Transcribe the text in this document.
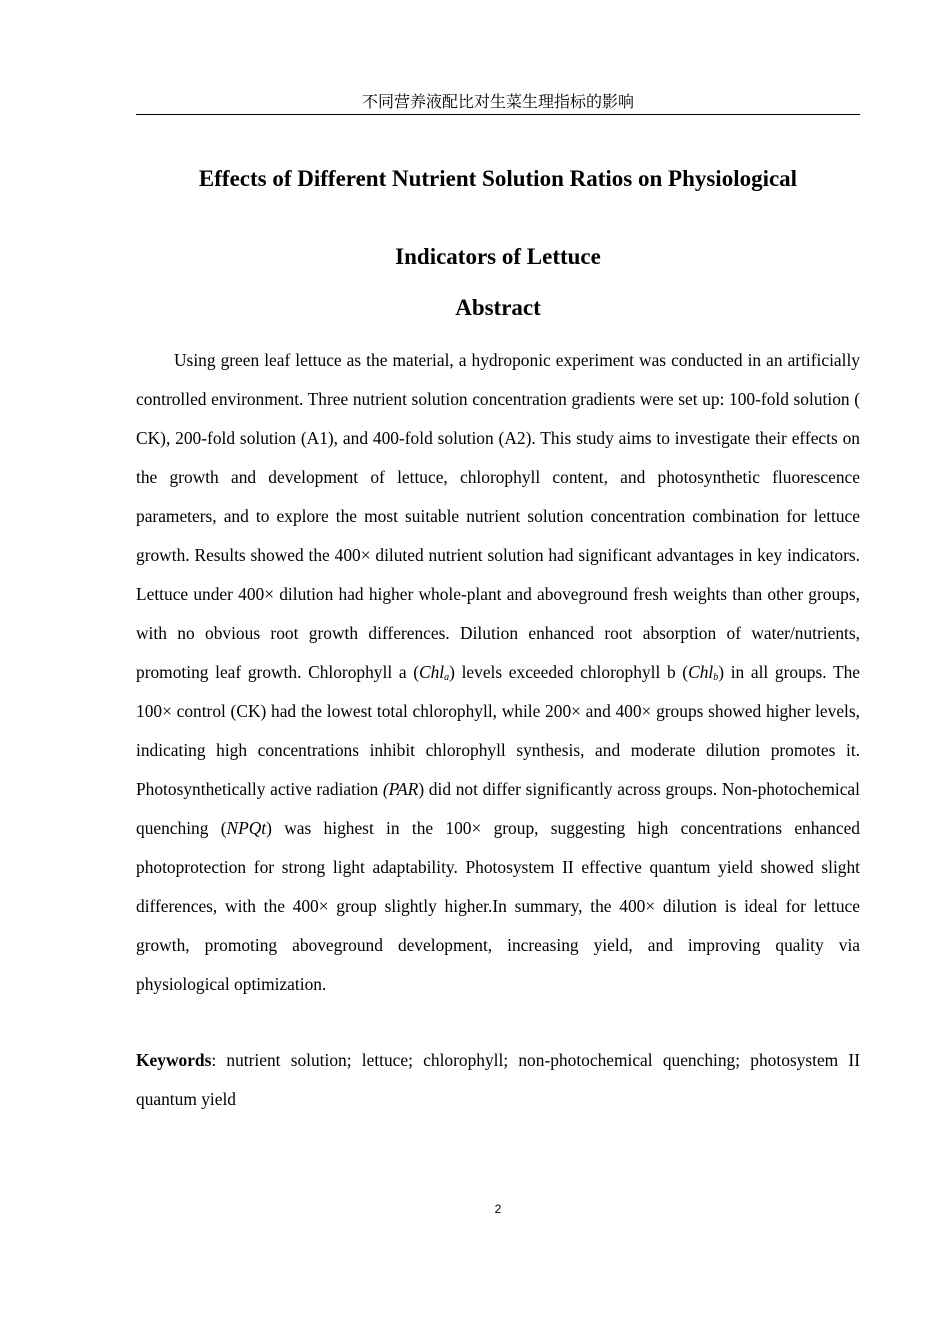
不同营养液配比对生菜生理指标的影响
Effects of Different Nutrient Solution Ratios on Physiological
Indicators of Lettuce
Abstract

Using green leaf lettuce as the material, a hydroponic experiment was conducted in an artificially controlled environment. Three nutrient solution concentration gradients were set up: 100-fold solution ( CK), 200-fold solution (A1), and 400-fold solution (A2). This study aims to investigate their effects on the growth and development of lettuce, chlorophyll content, and photosynthetic fluorescence parameters, and to explore the most suitable nutrient solution concentration combination for lettuce growth. Results showed the 400× diluted nutrient solution had significant advantages in key indicators. Lettuce under 400× dilution had higher whole-plant and aboveground fresh weights than other groups, with no obvious root growth differences. Dilution enhanced root absorption of water/nutrients, promoting leaf growth. Chlorophyll a (Chl$_a$) levels exceeded chlorophyll b (Chl$_b$) in all groups. The 100× control (CK) had the lowest total chlorophyll, while 200× and 400× groups showed higher levels, indicating high concentrations inhibit chlorophyll synthesis, and moderate dilution promotes it. Photosynthetically active radiation (PAR) did not differ significantly across groups. Non-photochemical quenching (NPQt) was highest in the 100× group, suggesting high concentrations enhanced photoprotection for strong light adaptability. Photosystem II effective quantum yield showed slight differences, with the 400× group slightly higher.In summary, the 400× dilution is ideal for lettuce growth, promoting aboveground development, increasing yield, and improving quality via physiological optimization.

Keywords: nutrient solution; lettuce; chlorophyll; non-photochemical quenching; photosystem II quantum yield

2
